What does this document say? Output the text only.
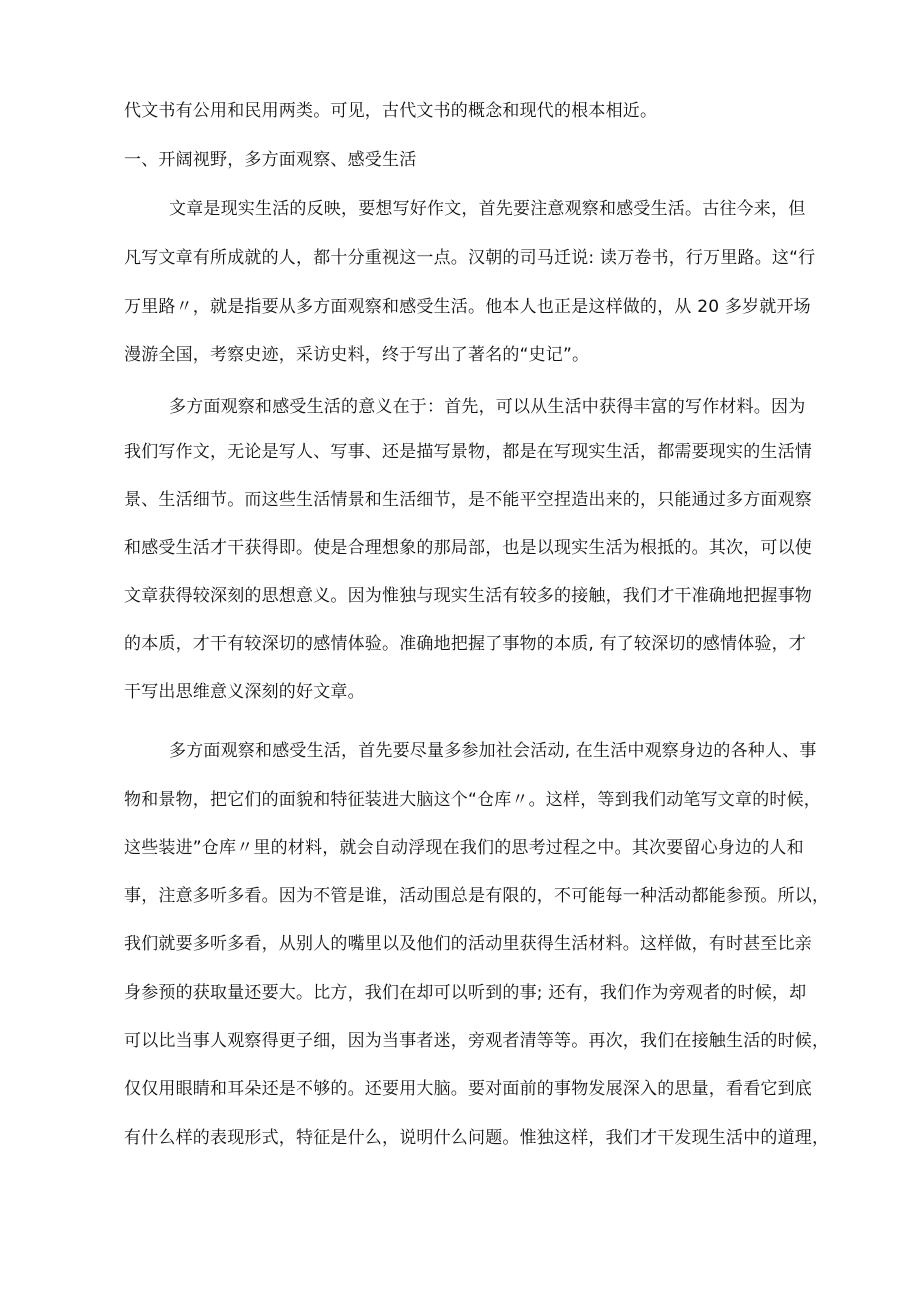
代文书有公用和民用两类。可见，古代文书的概念和现代的根本相近。
一、开阔视野，多方面观察、感受生活
文章是现实生活的反映，要想写好作文，首先要注意观察和感受生活。古往今来，但
凡写文章有所成就的人，都十分重视这一点。汉朝的司马迁说: 读万卷书，行万里路。这“行
万里路〃，就是指要从多方面观察和感受生活。他本人也正是这样做的，从 20 多岁就开场
漫游全国，考察史迹，采访史料，终于写出了著名的“史记”。
多方面观察和感受生活的意义在于：首先，可以从生活中获得丰富的写作材料。因为
我们写作文，无论是写人、写事、还是描写景物，都是在写现实生活，都需要现实的生活情
景、生活细节。而这些生活情景和生活细节，是不能平空捏造出来的，只能通过多方面观察
和感受生活才干获得即。使是合理想象的那局部，也是以现实生活为根抵的。其次，可以使
文章获得较深刻的思想意义。因为惟独与现实生活有较多的接触，我们才干准确地把握事物
的本质，才干有较深切的感情体验。准确地把握了事物的本质, 有了较深切的感情体验，才
干写出思维意义深刻的好文章。
多方面观察和感受生活，首先要尽量多参加社会活动, 在生活中观察身边的各种人、事
物和景物，把它们的面貌和特征装进大脑这个“仓库〃。这样，等到我们动笔写文章的时候，
这些装进”仓库〃里的材料，就会自动浮现在我们的思考过程之中。其次要留心身边的人和
事，注意多听多看。因为不管是谁，活动围总是有限的，不可能每一种活动都能参预。所以，
我们就要多听多看，从别人的嘴里以及他们的活动里获得生活材料。这样做，有时甚至比亲
身参预的获取量还要大。比方，我们在却可以听到的事; 还有，我们作为旁观者的时候，却
可以比当事人观察得更子细，因为当事者迷，旁观者清等等。再次，我们在接触生活的时候，
仅仅用眼睛和耳朵还是不够的。还要用大脑。要对面前的事物发展深入的思量，看看它到底
有什么样的表现形式，特征是什么，说明什么问题。惟独这样，我们才干发现生活中的道理，
